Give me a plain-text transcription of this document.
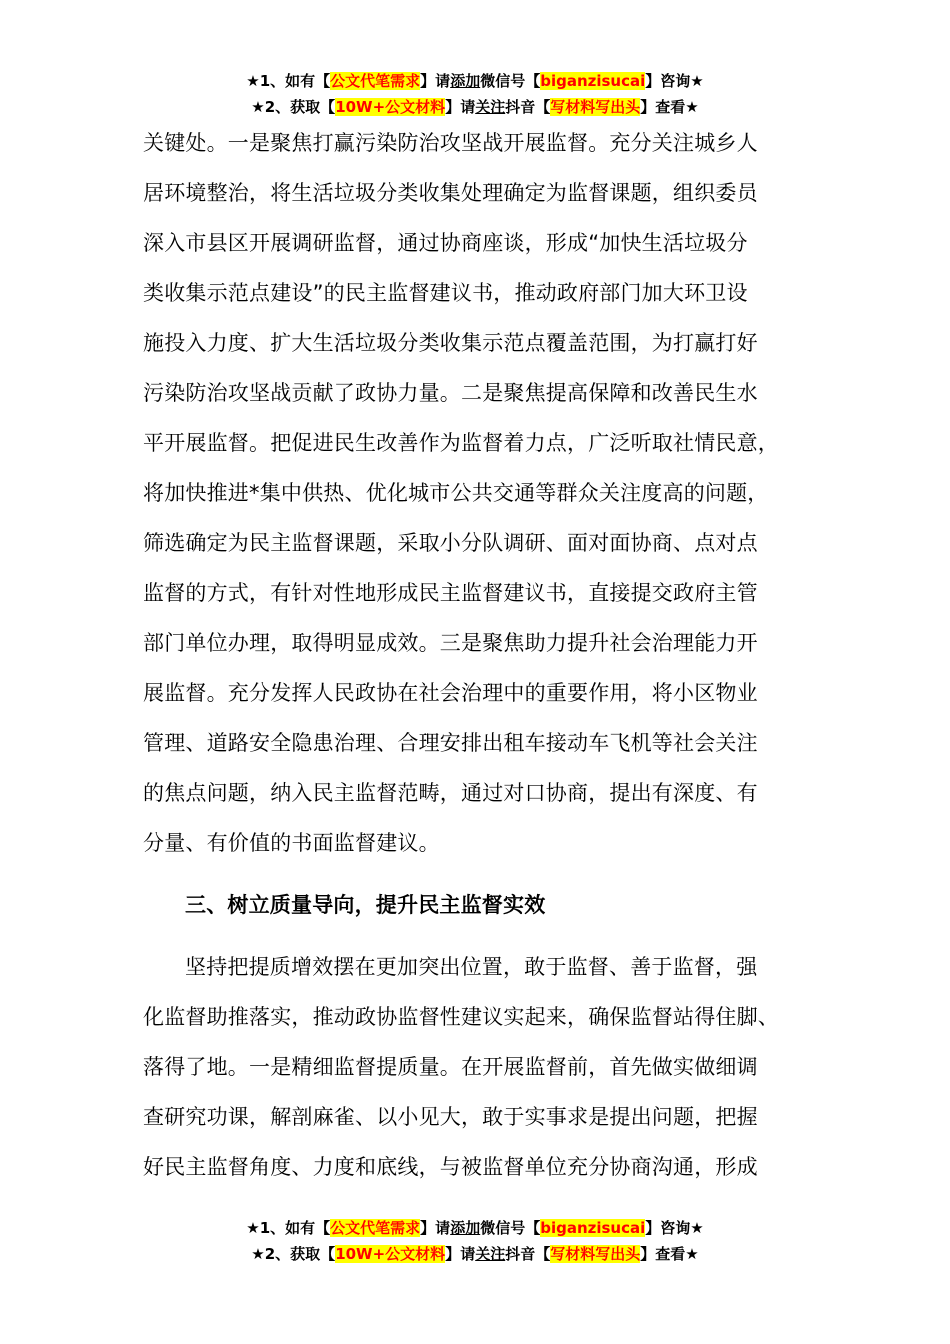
★1、如有【公文代笔需求】请添加微信号【biganzisucai】咨询★
★2、获取【10W+公文材料】请关注抖音【写材料写出头】查看★
关键处。一是聚焦打赢污染防治攻坚战开展监督。充分关注城乡人
居环境整治，将生活垃圾分类收集处理确定为监督课题，组织委员
深入市县区开展调研监督，通过协商座谈，形成“加快生活垃圾分
类收集示范点建设”的民主监督建议书，推动政府部门加大环卫设
施投入力度、扩大生活垃圾分类收集示范点覆盖范围，为打赢打好
污染防治攻坚战贡献了政协力量。二是聚焦提高保障和改善民生水
平开展监督。把促进民生改善作为监督着力点，广泛听取社情民意，
将加快推进*集中供热、优化城市公共交通等群众关注度高的问题，
筛选确定为民主监督课题，采取小分队调研、面对面协商、点对点
监督的方式，有针对性地形成民主监督建议书，直接提交政府主管
部门单位办理，取得明显成效。三是聚焦助力提升社会治理能力开
展监督。充分发挥人民政协在社会治理中的重要作用，将小区物业
管理、道路安全隐患治理、合理安排出租车接动车飞机等社会关注
的焦点问题，纳入民主监督范畴，通过对口协商，提出有深度、有
分量、有价值的书面监督建议。
三、树立质量导向，提升民主监督实效
坚持把提质增效摆在更加突出位置，敢于监督、善于监督，强
化监督助推落实，推动政协监督性建议实起来，确保监督站得住脚、
落得了地。一是精细监督提质量。在开展监督前，首先做实做细调
查研究功课，解剖麻雀、以小见大，敢于实事求是提出问题，把握
好民主监督角度、力度和底线，与被监督单位充分协商沟通，形成
★1、如有【公文代笔需求】请添加微信号【biganzisucai】咨询★
★2、获取【10W+公文材料】请关注抖音【写材料写出头】查看★
